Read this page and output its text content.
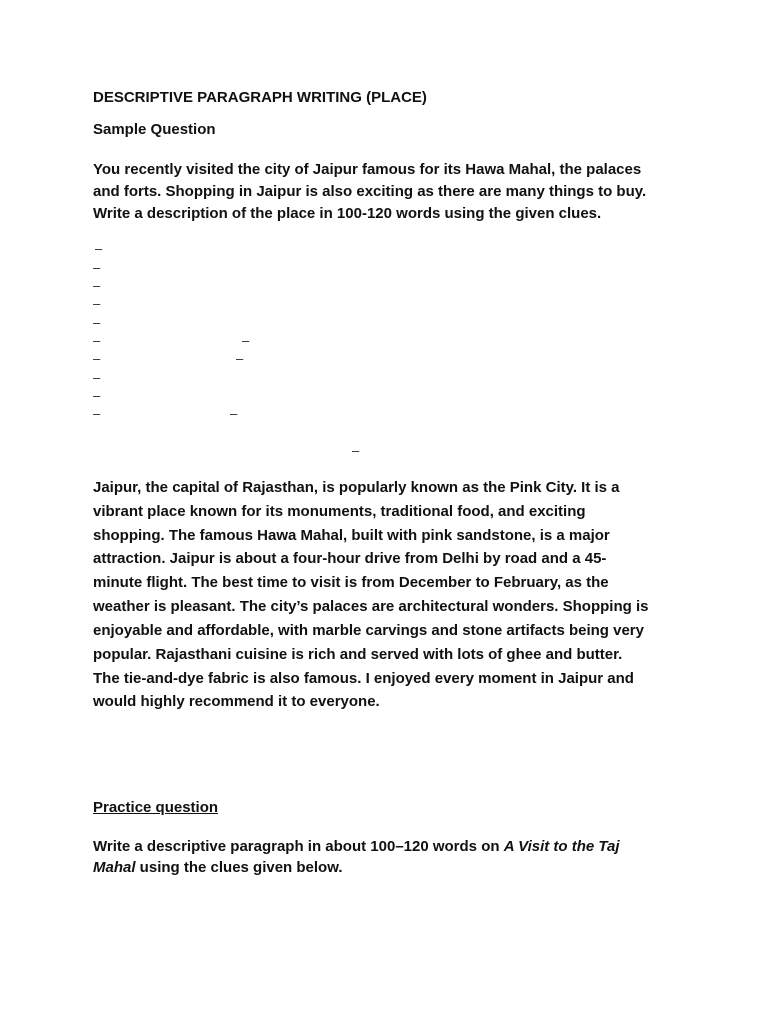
DESCRIPTIVE PARAGRAPH WRITING (PLACE)
Sample Question
You recently visited the city of Jaipur famous for its Hawa Mahal, the palaces
and forts. Shopping in Jaipur is also exciting as there are many things to buy.
Write a description of the place in 100-120 words using the given clues.
–
–
–
–
–
–	–
–	–
–
–
–	–
–
Jaipur, the capital of Rajasthan, is popularly known as the Pink City. It is a
vibrant place known for its monuments, traditional food, and exciting
shopping. The famous Hawa Mahal, built with pink sandstone, is a major
attraction. Jaipur is about a four-hour drive from Delhi by road and a 45-
minute flight. The best time to visit is from December to February, as the
weather is pleasant. The city’s palaces are architectural wonders. Shopping is
enjoyable and affordable, with marble carvings and stone artifacts being very
popular. Rajasthani cuisine is rich and served with lots of ghee and butter.
The tie-and-dye fabric is also famous. I enjoyed every moment in Jaipur and
would highly recommend it to everyone.
Practice question
Write a descriptive paragraph in about 100–120 words on A Visit to the Taj
Mahal using the clues given below.
